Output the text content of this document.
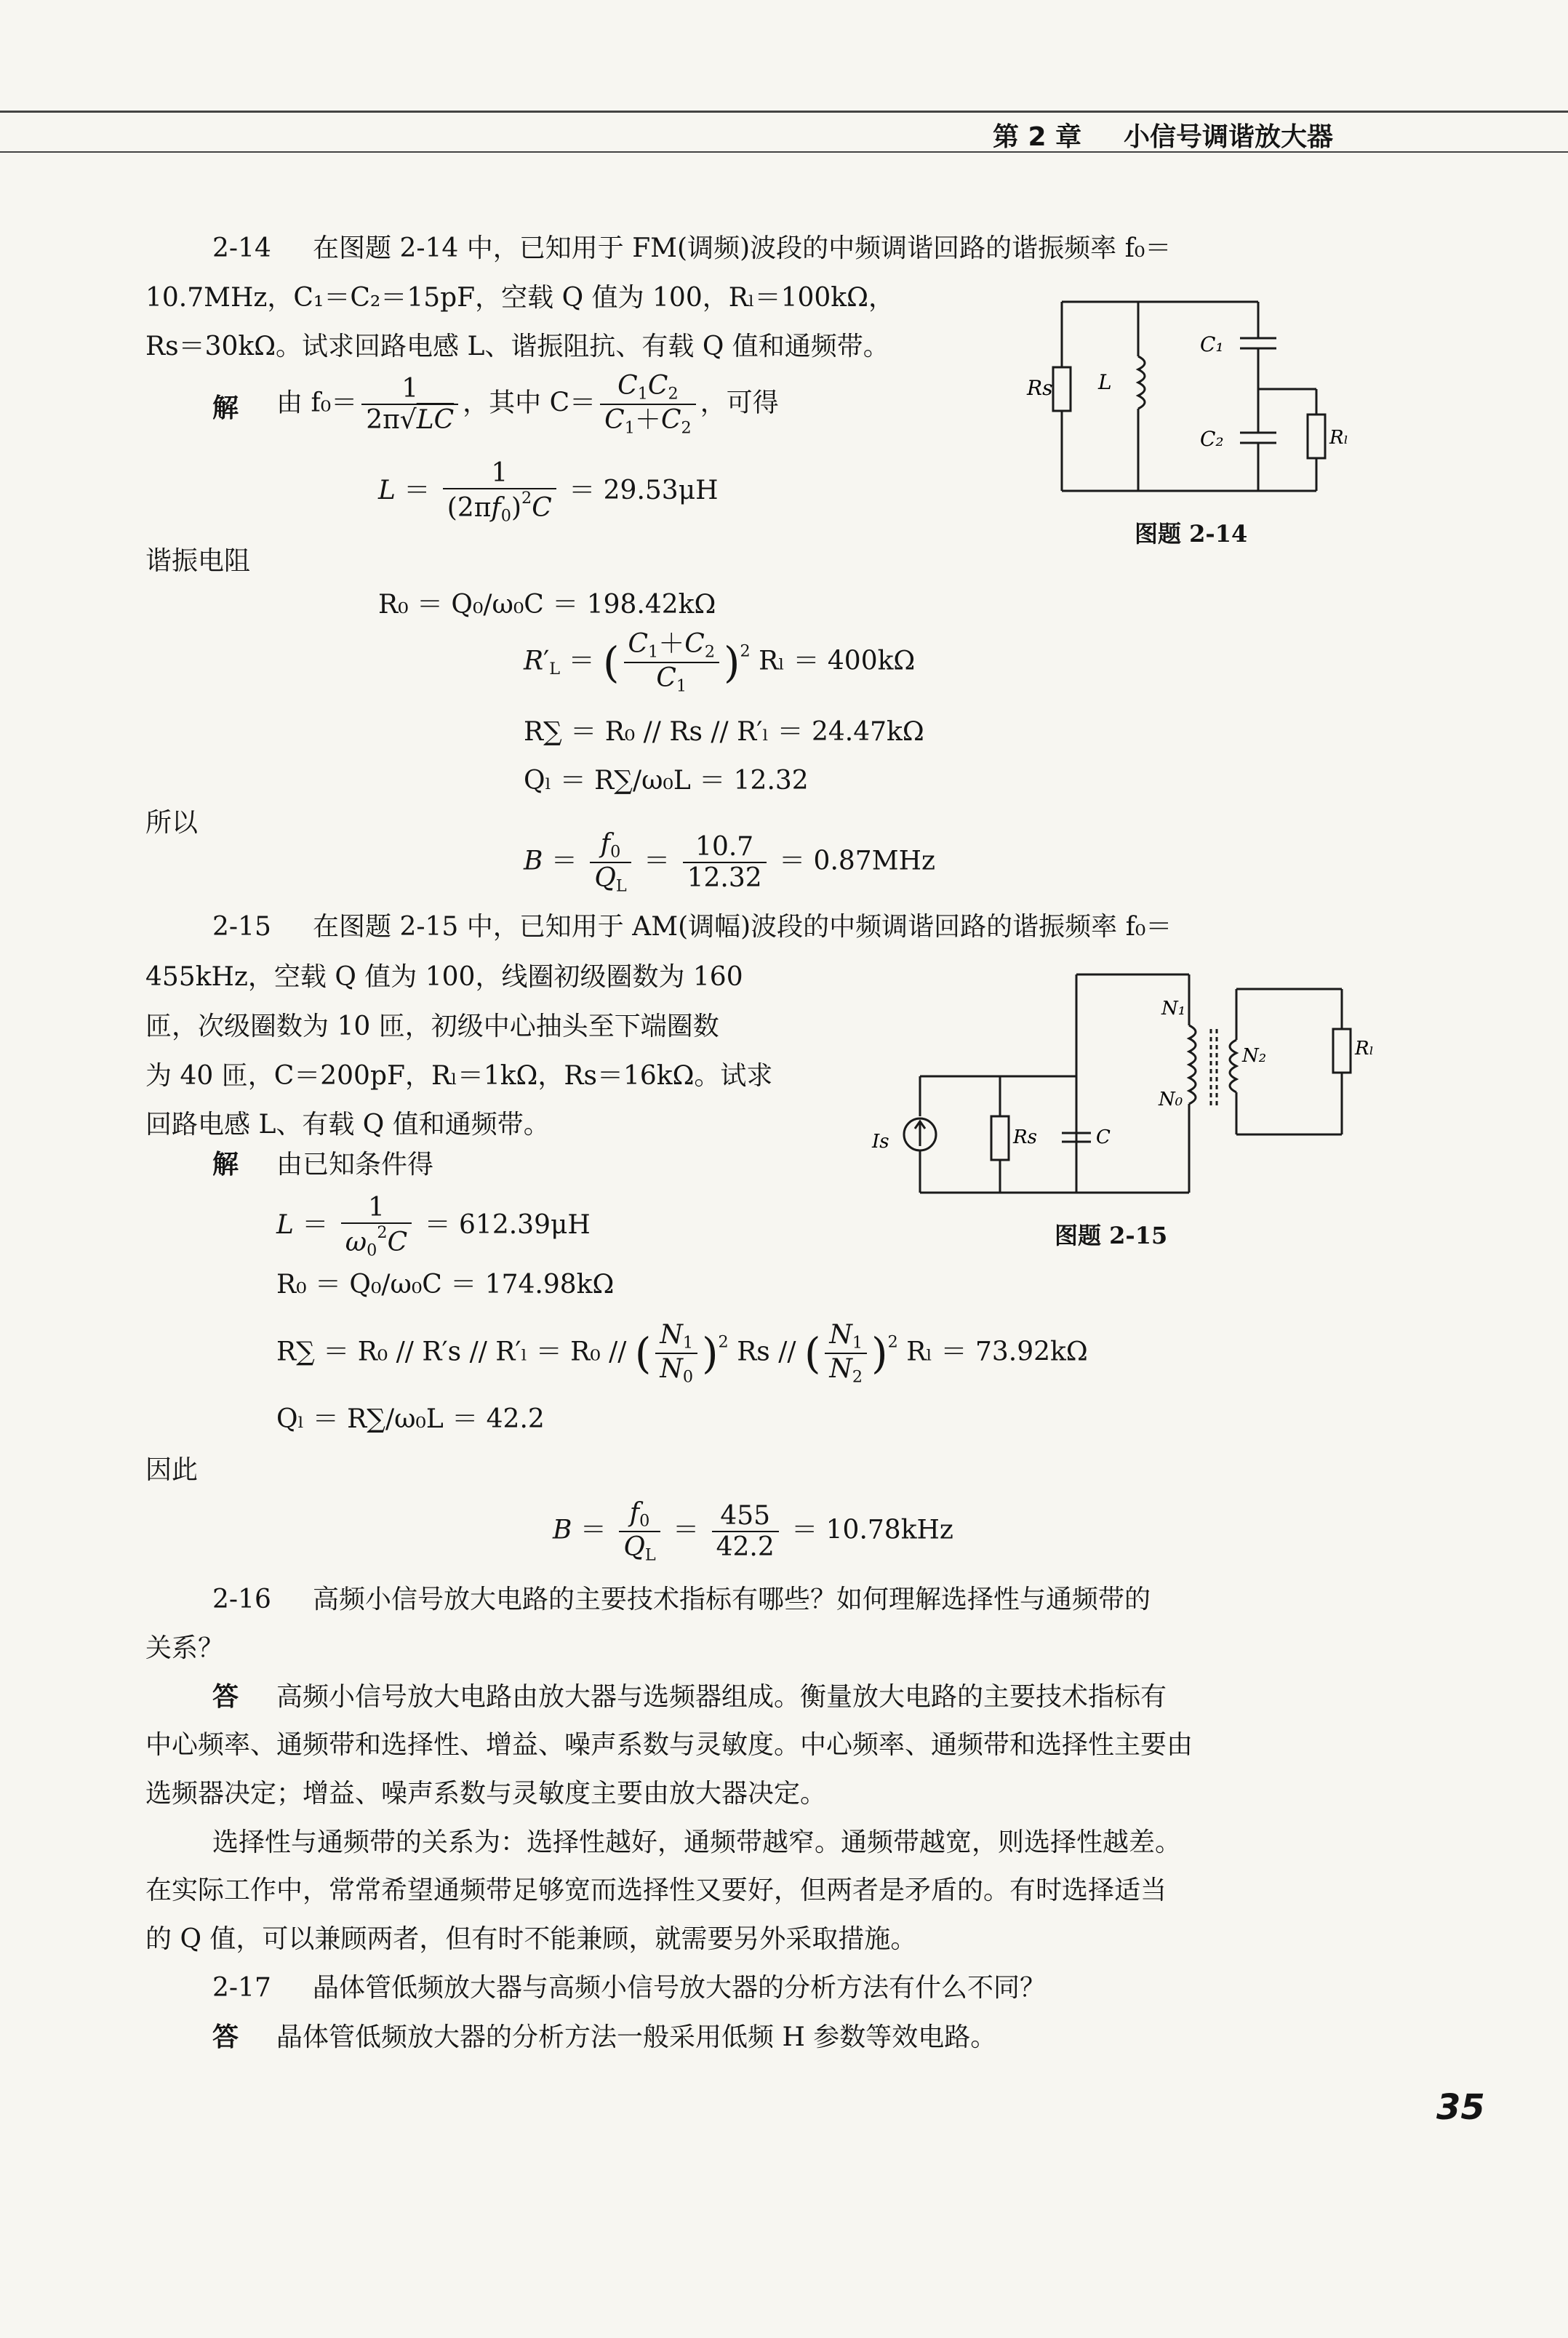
第 2 章 小信号调谐放大器
2-14 在图题 2-14 中，已知用于 FM(调频)波段的中频调谐回路的谐振频率 f₀＝
10.7MHz，C₁＝C₂＝15pF，空载 Q 值为 100，Rₗ＝100kΩ，
Rs＝30kΩ。试求回路电感 L、谐振阻抗、有载 Q 值和通频带。
解 由 $f_0= \frac{1}{2\pi√LC}$ ，其中 $C= \frac{C_1C_2}{C_1+C_2}$ ，可得
$L = \frac{1}{(2\pi f_0)^2C} = 29.53\mu H$
谐振电阻
R₀ ＝ Q₀/ω₀C ＝ 198.42kΩ
$R'_L$ ＝ ( $\frac{C_1+C_2}{C_1} )^2$ Rₗ ＝ 400kΩ
R∑ ＝ R₀ // Rs // R′ₗ ＝ 24.47kΩ
Qₗ ＝ R∑/ω₀L ＝ 12.32
所以
$B = \frac{f_0}{Q_L} = \frac{10.7}{12.32} = 0.87MHz$
Rs L
C₁
C₂	Rₗ
图题 2-14
2-15 在图题 2-15 中，已知用于 AM(调幅)波段的中频调谐回路的谐振频率 f₀＝
455kHz，空载 Q 值为 100，线圈初级圈数为 160
匝，次级圈数为 10 匝，初级中心抽头至下端圈数
为 40 匝，C＝200pF，Rₗ＝1kΩ，Rs＝16kΩ。试求
回路电感 L、有载 Q 值和通频带。
解 由已知条件得
$L = \frac{1}{\omega_0^2C} = 612.39\mu H$
R₀ ＝ Q₀/ω₀C ＝ 174.98kΩ
R∑ ＝ R₀ // R′s // R′ₗ ＝ R₀ // ( $\frac{N_1}{N_0} )^2$ Rs // ( $\frac{N_1}{N_2} )^2$ Rₗ ＝ 73.92kΩ
Qₗ ＝ R∑/ω₀L ＝ 42.2
因此
$B = \frac{f_0}{Q_L} = \frac{455}{42.2} = 10.78kHz$
N₁
N₂
N₀
Rₗ
Is	Rs	C
图题 2-15
2-16 高频小信号放大电路的主要技术指标有哪些？如何理解选择性与通频带的
关系？
答 高频小信号放大电路由放大器与选频器组成。衡量放大电路的主要技术指标有
中心频率、通频带和选择性、增益、噪声系数与灵敏度。中心频率、通频带和选择性主要由
选频器决定；增益、噪声系数与灵敏度主要由放大器决定。
选择性与通频带的关系为：选择性越好，通频带越窄。通频带越宽，则选择性越差。
在实际工作中，常常希望通频带足够宽而选择性又要好，但两者是矛盾的。有时选择适当
的 Q 值，可以兼顾两者，但有时不能兼顾，就需要另外采取措施。
2-17 晶体管低频放大器与高频小信号放大器的分析方法有什么不同？
答 晶体管低频放大器的分析方法一般采用低频 H 参数等效电路。
35
